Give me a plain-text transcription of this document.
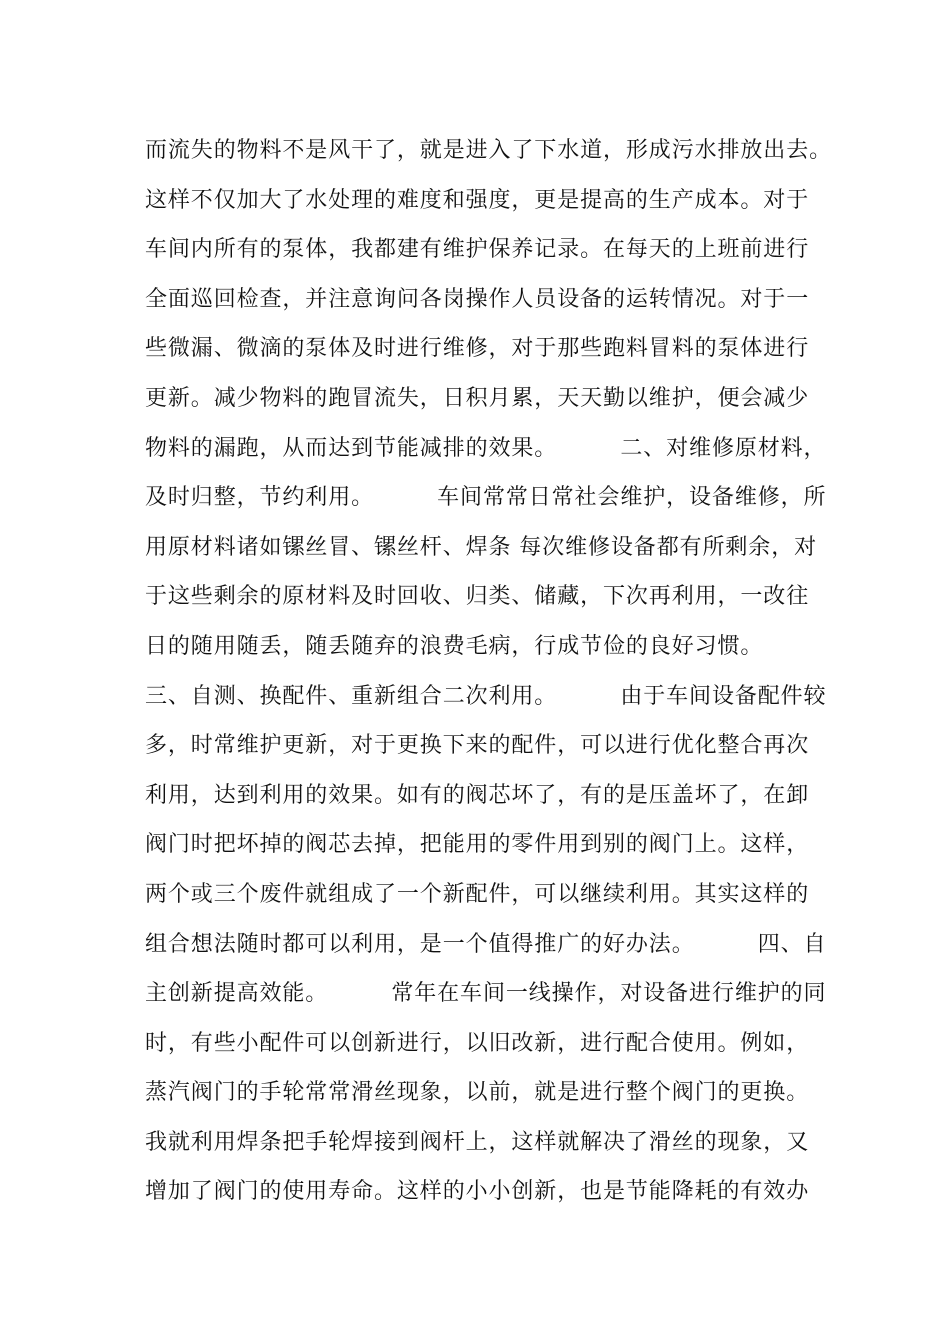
而流失的物料不是风干了，就是进入了下水道，形成污水排放出去。
这样不仅加大了水处理的难度和强度，更是提高的生产成本。对于
车间内所有的泵体，我都建有维护保养记录。在每天的上班前进行
全面巡回检查，并注意询问各岗操作人员设备的运转情况。对于一
些微漏、微滴的泵体及时进行维修，对于那些跑料冒料的泵体进行
更新。减少物料的跑冒流失，日积月累，天天勤以维护，便会减少
物料的漏跑，从而达到节能减排的效果。        二、对维修原材料，
及时归整，节约利用。        车间常常日常社会维护，设备维修，所
用原材料诸如镙丝冒、镙丝杆、焊条 每次维修设备都有所剩余，对
于这些剩余的原材料及时回收、归类、储藏，下次再利用，一改往
日的随用随丢，随丢随弃的浪费毛病，行成节俭的良好习惯。
三、自测、换配件、重新组合二次利用。        由于车间设备配件较
多，时常维护更新，对于更换下来的配件，可以进行优化整合再次
利用，达到利用的效果。如有的阀芯坏了，有的是压盖坏了，在卸
阀门时把坏掉的阀芯去掉，把能用的零件用到别的阀门上。这样，
两个或三个废件就组成了一个新配件，可以继续利用。其实这样的
组合想法随时都可以利用，是一个值得推广的好办法。        四、自
主创新提高效能。        常年在车间一线操作，对设备进行维护的同
时，有些小配件可以创新进行，以旧改新，进行配合使用。例如，
蒸汽阀门的手轮常常滑丝现象，以前，就是进行整个阀门的更换。
我就利用焊条把手轮焊接到阀杆上，这样就解决了滑丝的现象，又
增加了阀门的使用寿命。这样的小小创新，也是节能降耗的有效办
